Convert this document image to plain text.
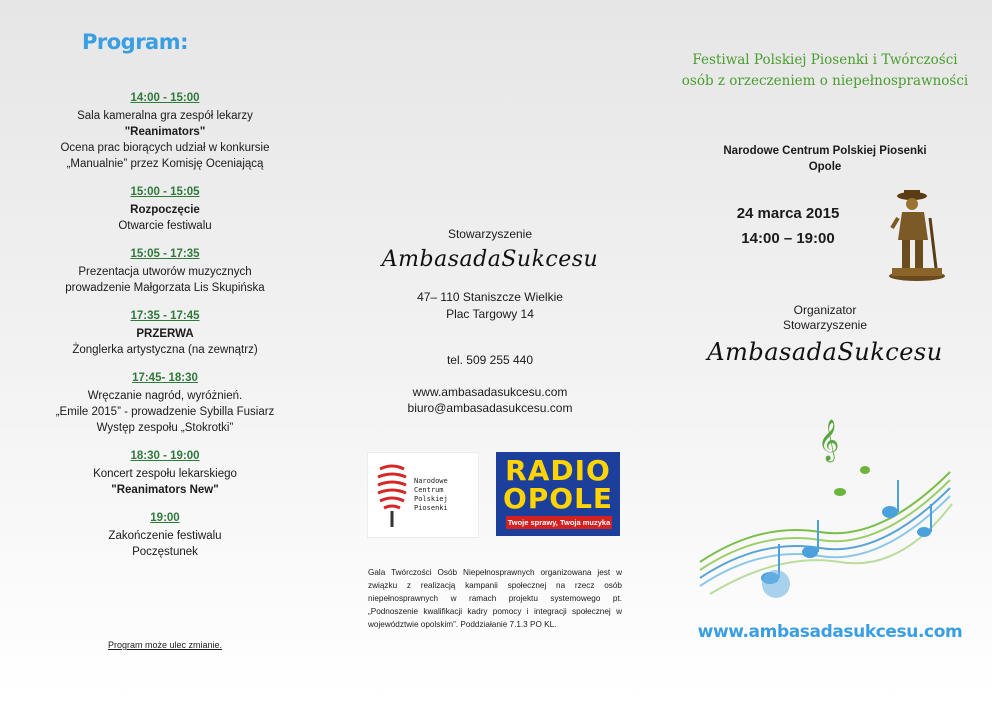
Program:
14:00 - 15:00
Sala kameralna gra zespół lekarzy
"Reanimators"
Ocena prac biorących udział w konkursie
„Manualnie” przez Komisję Oceniającą
15:00 - 15:05
Rozpoczęcie
Otwarcie festiwalu
15:05 - 17:35
Prezentacja utworów muzycznych
prowadzenie Małgorzata Lis Skupińska
17:35 - 17:45
PRZERWA
Żonglerka artystyczna (na zewnątrz)
17:45- 18:30
Wręczanie nagród, wyróżnień.
„Emile 2015” - prowadzenie Sybilla Fusiarz
Występ zespołu „Stokrotki”
18:30 - 19:00
Koncert zespołu lekarskiego
"Reanimators New"
19:00
Zakończenie festiwalu
Poczęstunek
Program może ulec zmianie.
Stowarzyszenie
AmbasadaSukcesu
47– 110 Staniszcze Wielkie
Plac Targowy 14
tel. 509 255 440
www.ambasadasukcesu.com
biuro@ambasadasukcesu.com
Narodowe
Centrum
Polskiej
Piosenki
RADIO
OPOLE
Twoje sprawy, Twoja muzyka
Gala Twórczości Osób Niepełnosprawnych organizowana jest w związku z realizacją kampanii społecznej na rzecz osób niepełnosprawnych w ramach projektu systemowego pt. „Podnoszenie kwalifikacji kadry pomocy i integracji społecznej w województwie opolskim”. Poddziałanie 7.1.3 PO KL.
Festiwal Polskiej Piosenki i Twórczości
osób z orzeczeniem o niepełnosprawności
Narodowe Centrum Polskiej Piosenki
Opole
24 marca 2015
14:00 – 19:00
Organizator
Stowarzyszenie
AmbasadaSukcesu
𝄞
www.ambasadasukcesu.com
